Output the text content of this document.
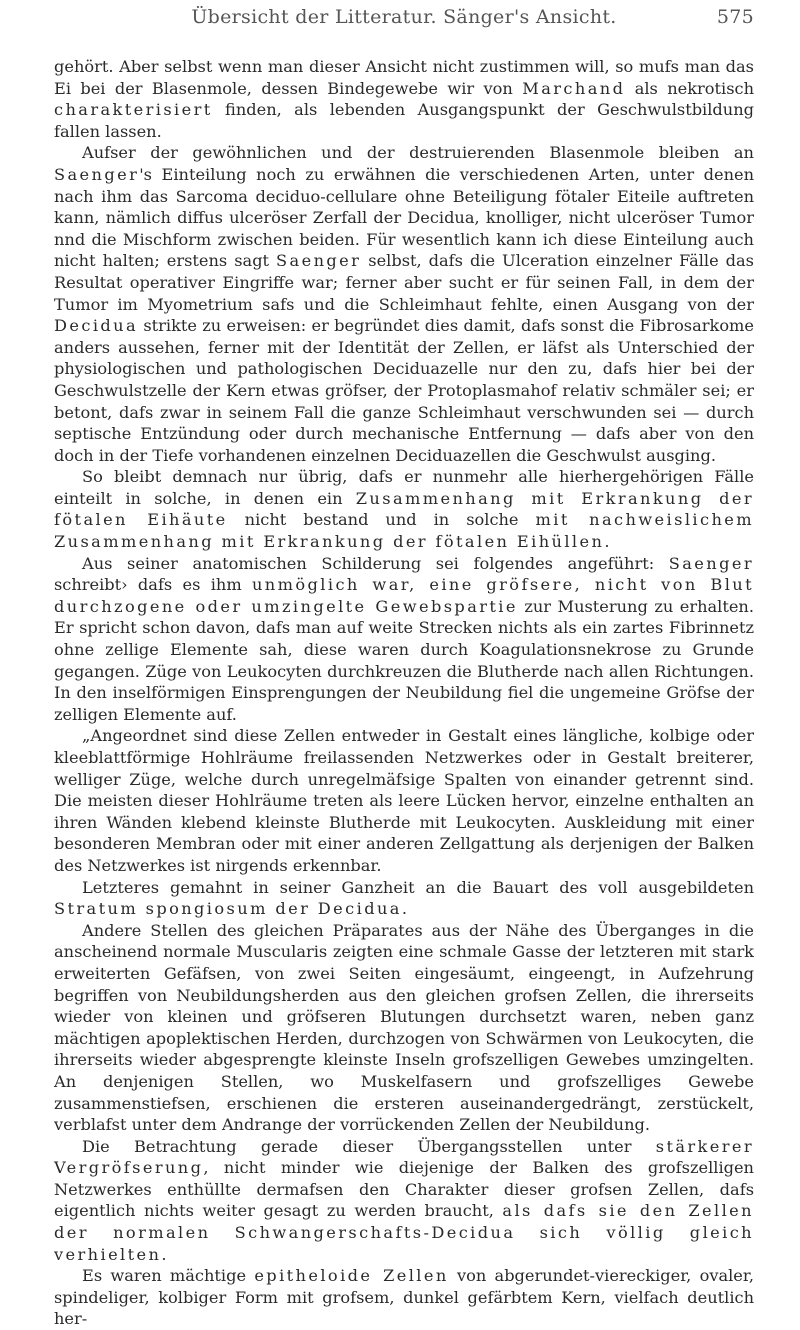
Übersicht der Litteratur. Sänger's Ansicht.	575

gehört. Aber selbst wenn man dieser Ansicht nicht zustimmen will, so mufs man das Ei bei der Blasenmole, dessen Bindegewebe wir von Marchand als nekrotisch charakterisiert finden, als lebenden Ausgangspunkt der Geschwulstbildung fallen lassen.

Aufser der gewöhnlichen und der destruierenden Blasenmole bleiben an Saenger's Einteilung noch zu erwähnen die verschiedenen Arten, unter denen nach ihm das Sarcoma deciduo-cellulare ohne Beteiligung fötaler Eiteile auftreten kann, nämlich diffus ulceröser Zerfall der Decidua, knolliger, nicht ulceröser Tumor nnd die Mischform zwischen beiden. Für wesentlich kann ich diese Einteilung auch nicht halten; erstens sagt Saenger selbst, dafs die Ulceration einzelner Fälle das Resultat operativer Eingriffe war; ferner aber sucht er für seinen Fall, in dem der Tumor im Myometrium safs und die Schleimhaut fehlte, einen Ausgang von der Decidua strikte zu erweisen: er begründet dies damit, dafs sonst die Fibrosarkome anders aussehen, ferner mit der Identität der Zellen, er läfst als Unterschied der physiologischen und pathologischen Deciduazelle nur den zu, dafs hier bei der Geschwulstzelle der Kern etwas gröfser, der Protoplasmahof relativ schmäler sei; er betont, dafs zwar in seinem Fall die ganze Schleimhaut verschwunden sei — durch septische Entzündung oder durch mechanische Entfernung — dafs aber von den doch in der Tiefe vorhandenen einzelnen Deciduazellen die Geschwulst ausging.

So bleibt demnach nur übrig, dafs er nunmehr alle hierhergehörigen Fälle einteilt in solche, in denen ein Zusammenhang mit Erkrankung der fötalen Eihäute nicht bestand und in solche mit nachweislichem Zusammenhang mit Erkrankung der fötalen Eihüllen.

Aus seiner anatomischen Schilderung sei folgendes angeführt: Saenger schreibt› dafs es ihm unmöglich war, eine gröfsere, nicht von Blut durchzogene oder umzingelte Gewebspartie zur Musterung zu erhalten. Er spricht schon davon, dafs man auf weite Strecken nichts als ein zartes Fibrinnetz ohne zellige Elemente sah, diese waren durch Koagulationsnekrose zu Grunde gegangen. Züge von Leukocyten durchkreuzen die Blutherde nach allen Richtungen. In den inselförmigen Einsprengungen der Neubildung fiel die ungemeine Gröfse der zelligen Elemente auf.

„Angeordnet sind diese Zellen entweder in Gestalt eines längliche, kolbige oder kleeblattförmige Hohlräume freilassenden Netzwerkes oder in Gestalt breiterer, welliger Züge, welche durch unregelmäfsige Spalten von einander getrennt sind. Die meisten dieser Hohlräume treten als leere Lücken hervor, einzelne enthalten an ihren Wänden klebend kleinste Blutherde mit Leukocyten. Auskleidung mit einer besonderen Membran oder mit einer anderen Zellgattung als derjenigen der Balken des Netzwerkes ist nirgends erkennbar.

Letzteres gemahnt in seiner Ganzheit an die Bauart des voll ausgebildeten Stratum spongiosum der Decidua.

Andere Stellen des gleichen Präparates aus der Nähe des Überganges in die anscheinend normale Muscularis zeigten eine schmale Gasse der letzteren mit stark erweiterten Gefäfsen, von zwei Seiten eingesäumt, eingeengt, in Aufzehrung begriffen von Neubildungsherden aus den gleichen grofsen Zellen, die ihrerseits wieder von kleinen und gröfseren Blutungen durchsetzt waren, neben ganz mächtigen apoplektischen Herden, durchzogen von Schwärmen von Leukocyten, die ihrerseits wieder abgesprengte kleinste Inseln grofszelligen Gewebes umzingelten. An denjenigen Stellen, wo Muskelfasern und grofszelliges Gewebe zusammenstiefsen, erschienen die ersteren auseinandergedrängt, zerstückelt, verblafst unter dem Andrange der vorrückenden Zellen der Neubildung.

Die Betrachtung gerade dieser Übergangsstellen unter stärkerer Vergröfserung, nicht minder wie diejenige der Balken des grofszelligen Netzwerkes enthüllte dermafsen den Charakter dieser grofsen Zellen, dafs eigentlich nichts weiter gesagt zu werden braucht, als dafs sie den Zellen der normalen Schwangerschafts-Decidua sich völlig gleich verhielten.

Es waren mächtige epitheloide Zellen von abgerundet-viereckiger, ovaler, spindeliger, kolbiger Form mit grofsem, dunkel gefärbtem Kern, vielfach deutlich her-
